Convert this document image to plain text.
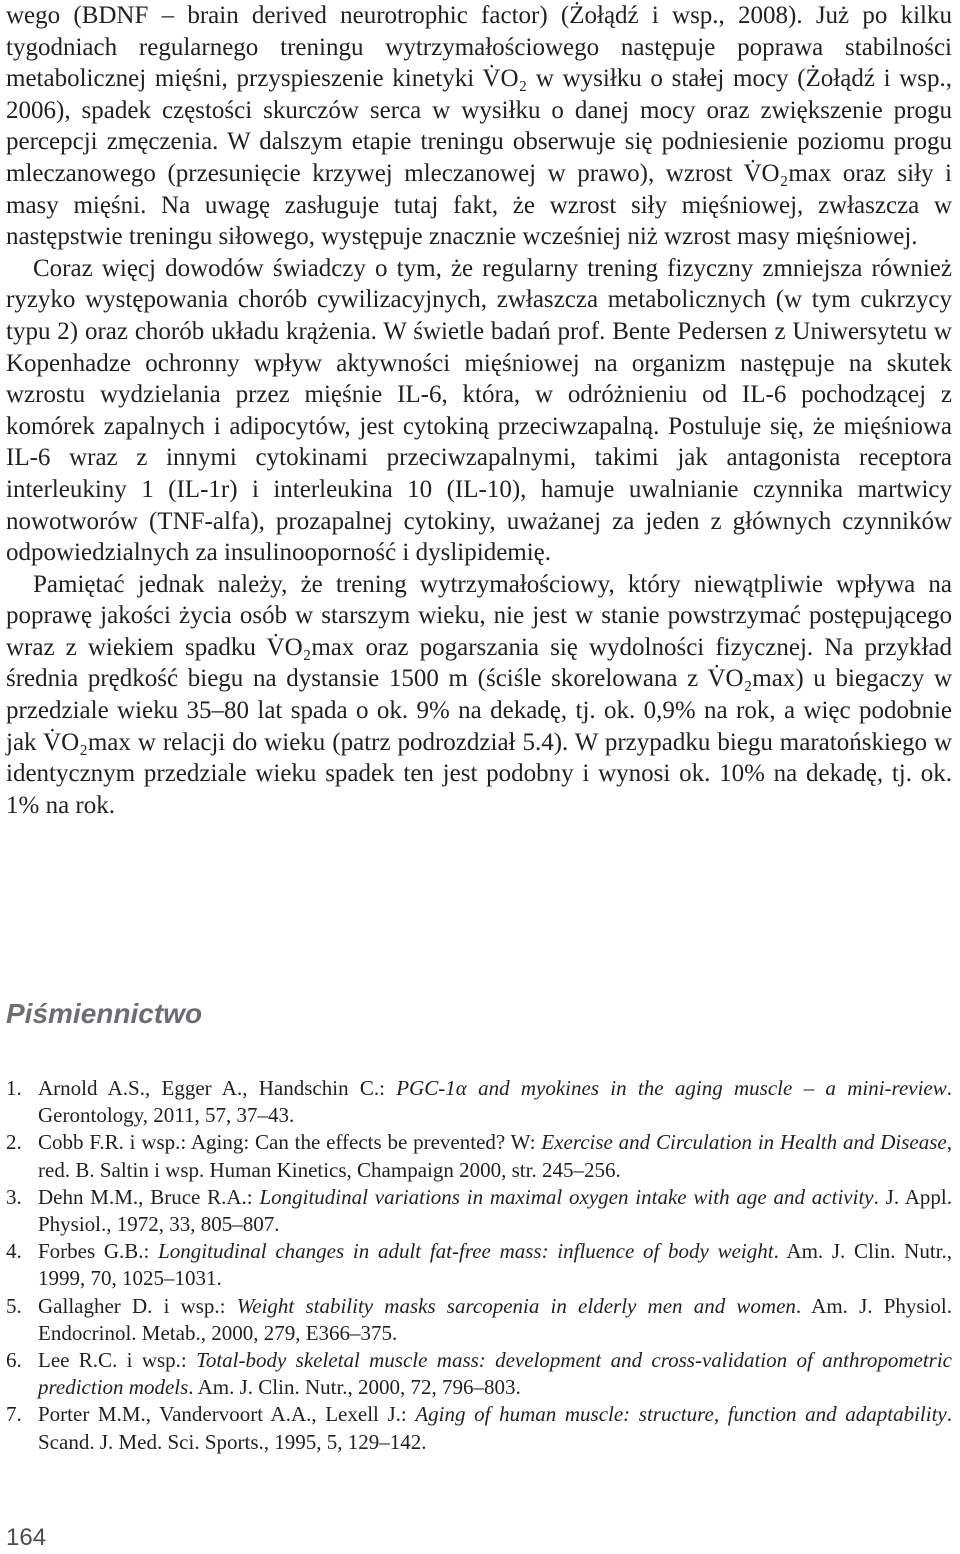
wego (BDNF – brain derived neurotrophic factor) (Żołądź i wsp., 2008). Już po kilku tygodniach regularnego treningu wytrzymałościowego następuje poprawa stabilności metabolicznej mięśni, przyspieszenie kinetyki V̇O₂ w wysiłku o stałej mocy (Żołądź i wsp., 2006), spadek częstości skurczów serca w wysiłku o danej mocy oraz zwiększenie progu percepcji zmęczenia. W dalszym etapie treningu obserwuje się podniesienie poziomu progu mleczanowego (przesunięcie krzywej mleczanowej w prawo), wzrost V̇O₂max oraz siły i masy mięśni. Na uwagę zasługuje tutaj fakt, że wzrost siły mięśniowej, zwłaszcza w następstwie treningu siłowego, występuje znacznie wcześniej niż wzrost masy mięśniowej.

Coraz więcj dowodów świadczy o tym, że regularny trening fizyczny zmniejsza również ryzyko występowania chorób cywilizacyjnych, zwłaszcza metabolicznych (w tym cukrzycy typu 2) oraz chorób układu krążenia. W świetle badań prof. Bente Pedersen z Uniwersytetu w Kopenhadze ochronny wpływ aktywności mięśniowej na organizm następuje na skutek wzrostu wydzielania przez mięśnie IL-6, która, w odróżnieniu od IL-6 pochodzącej z komórek zapalnych i adipocytów, jest cytokiną przeciwzapalną. Postuluje się, że mięśniowa IL-6 wraz z innymi cytokinami przeciwzapalnymi, takimi jak antagonista receptora interleukiny 1 (IL-1r) i interleukina 10 (IL-10), hamuje uwalnianie czynnika martwicy nowotworów (TNF-alfa), prozapalnej cytokiny, uważanej za jeden z głównych czynników odpowiedzialnych za insulinooporność i dyslipidemię.

Pamiętać jednak należy, że trening wytrzymałościowy, który niewątpliwie wpływa na poprawę jakości życia osób w starszym wieku, nie jest w stanie powstrzymać postępującego wraz z wiekiem spadku V̇O₂max oraz pogarszania się wydolności fizycznej. Na przykład średnia prędkość biegu na dystansie 1500 m (ściśle skorelowana z V̇O₂max) u biegaczy w przedziale wieku 35–80 lat spada o ok. 9% na dekadę, tj. ok. 0,9% na rok, a więc podobnie jak V̇O₂max w relacji do wieku (patrz podrozdział 5.4). W przypadku biegu maratońskiego w identycznym przedziale wieku spadek ten jest podobny i wynosi ok. 10% na dekadę, tj. ok. 1% na rok.

Piśmiennictwo
1. Arnold A.S., Egger A., Handschin C.: PGC-1α and myokines in the aging muscle – a mini-review. Gerontology, 2011, 57, 37–43.
2. Cobb F.R. i wsp.: Aging: Can the effects be prevented? W: Exercise and Circulation in Health and Disease, red. B. Saltin i wsp. Human Kinetics, Champaign 2000, str. 245–256.
3. Dehn M.M., Bruce R.A.: Longitudinal variations in maximal oxygen intake with age and activity. J. Appl. Physiol., 1972, 33, 805–807.
4. Forbes G.B.: Longitudinal changes in adult fat-free mass: influence of body weight. Am. J. Clin. Nutr., 1999, 70, 1025–1031.
5. Gallagher D. i wsp.: Weight stability masks sarcopenia in elderly men and women. Am. J. Physiol. Endocrinol. Metab., 2000, 279, E366–375.
6. Lee R.C. i wsp.: Total-body skeletal muscle mass: development and cross-validation of anthropometric prediction models. Am. J. Clin. Nutr., 2000, 72, 796–803.
7. Porter M.M., Vandervoort A.A., Lexell J.: Aging of human muscle: structure, function and adaptability. Scand. J. Med. Sci. Sports., 1995, 5, 129–142.
164
